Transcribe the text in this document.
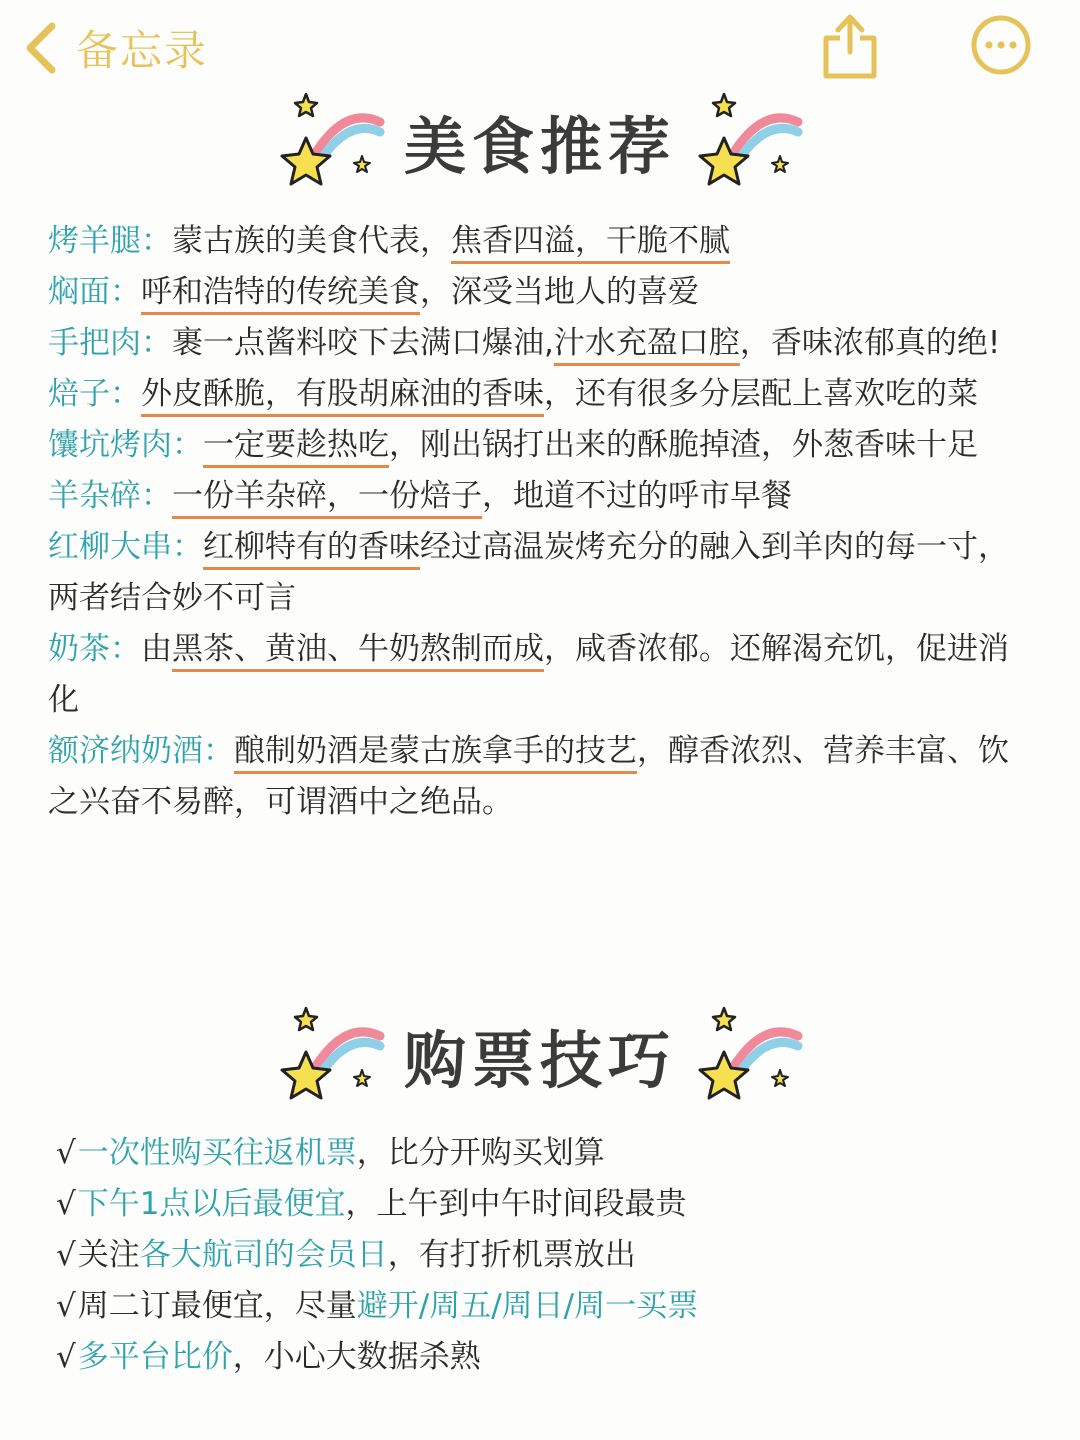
备忘录
美食推荐

烤羊腿：蒙古族的美食代表，焦香四溢，干脆不腻

焖面：呼和浩特的传统美食，深受当地人的喜爱

手把肉：裹一点酱料咬下去满口爆油,汁水充盈口腔，香味浓郁真的绝!

焙子：外皮酥脆，有股胡麻油的香味，还有很多分层配上喜欢吃的菜

馕坑烤肉：一定要趁热吃，刚出锅打出来的酥脆掉渣，外葱香味十足

羊杂碎：一份羊杂碎，一份焙子，地道不过的呼市早餐

红柳大串：红柳特有的香味经过高温炭烤充分的融入到羊肉的每一寸，两者结合妙不可言

奶茶：由黑茶、黄油、牛奶熬制而成，咸香浓郁。还解渴充饥，促进消化

额济纳奶酒：酿制奶酒是蒙古族拿手的技艺，醇香浓烈、营养丰富、饮之兴奋不易醉，可谓酒中之绝品。

购票技巧

√一次性购买往返机票，比分开购买划算

√下午1点以后最便宜，上午到中午时间段最贵

√关注各大航司的会员日，有打折机票放出

√周二订最便宜，尽量避开/周五/周日/周一买票

√多平台比价，小心大数据杀熟
